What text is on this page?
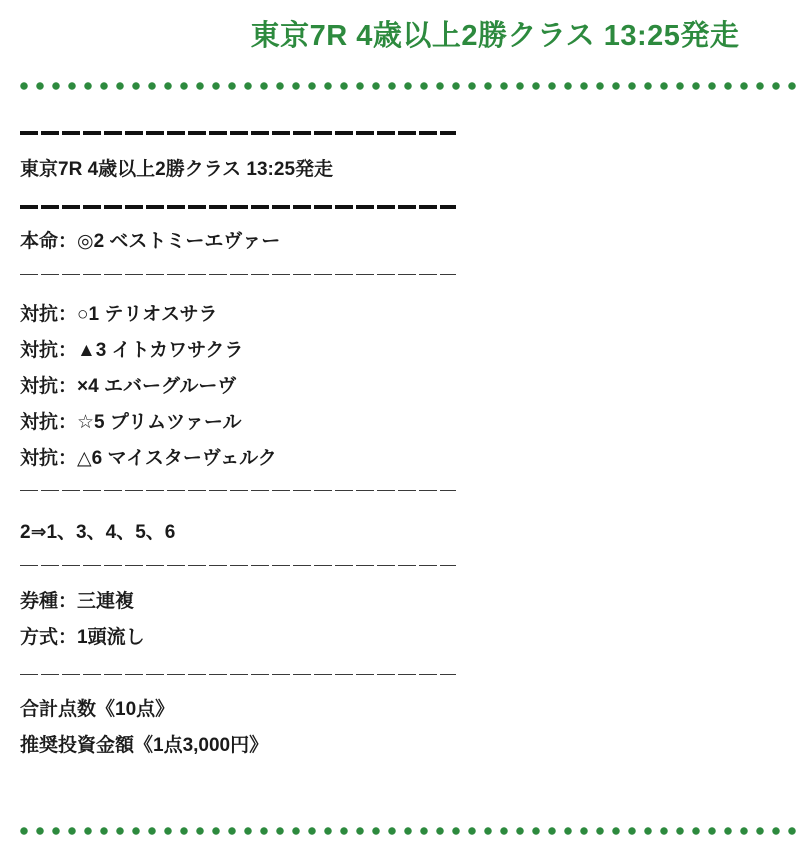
東京7R 4歳以上2勝クラス 13:25発走

東京7R 4歳以上2勝クラス 13:25発走

本命：◎2 ベストミーエヴァー

対抗：○1 テリオスサラ

対抗：▲3 イトカワサクラ

対抗：×4 エバーグルーヴ

対抗：☆5 プリムツァール

対抗：△6 マイスターヴェルク

2⇒1、3、4、5、6

券種：三連複

方式：1頭流し

合計点数《10点》

推奨投資金額《1点3,000円》
